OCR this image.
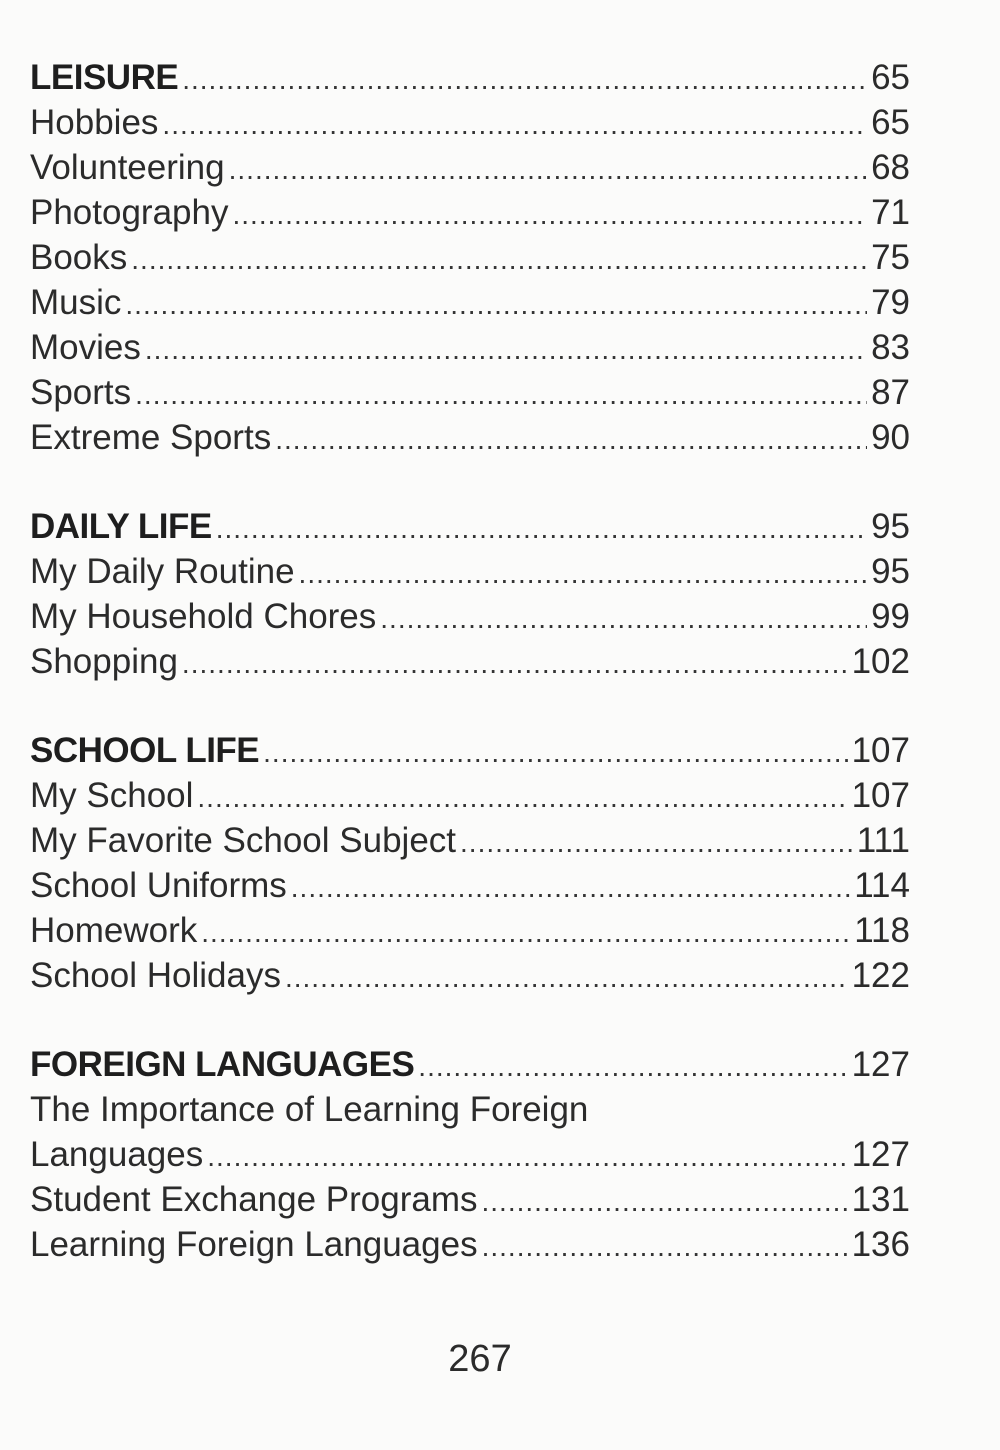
LEISURE .....	65
Hobbies .....	65
Volunteering .....	68
Photography .....	71
Books .....	75
Music .....	79
Movies .....	83
Sports .....	87
Extreme Sports .....	90
DAILY LIFE .....	95
My Daily Routine .....	95
My Household Chores .....	99
Shopping .....	102
SCHOOL LIFE .....	107
My School .....	107
My Favorite School Subject .....	111
School Uniforms .....	114
Homework .....	118
School Holidays .....	122
FOREIGN LANGUAGES .....	127
The Importance of Learning Foreign
Languages .....	127
Student Exchange Programs .....	131
Learning Foreign Languages .....	136
267
